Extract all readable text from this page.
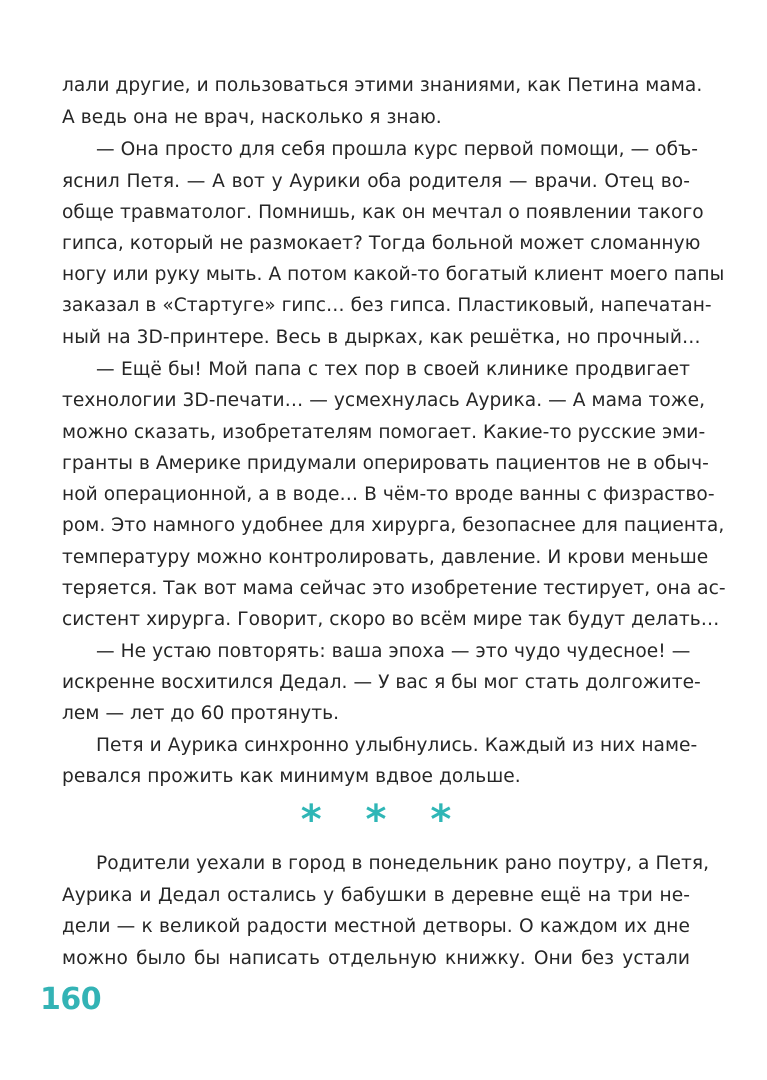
лали другие, и пользоваться этими знаниями, как Петина мама.
А ведь она не врач, насколько я знаю.
— Она просто для себя прошла курс первой помощи, — объ-
яснил Петя. — А вот у Аурики оба родителя — врачи. Отец во-
обще травматолог. Помнишь, как он мечтал о появлении такого
гипса, который не размокает? Тогда больной может сломанную
ногу или руку мыть. А потом какой-то богатый клиент моего папы
заказал в «Стартуге» гипс… без гипса. Пластиковый, напечатан-
ный на 3D-принтере. Весь в дырках, как решётка, но прочный…
— Ещё бы! Мой папа с тех пор в своей клинике продвигает
технологии 3D-печати… — усмехнулась Аурика. — А мама тоже,
можно сказать, изобретателям помогает. Какие-то русские эми-
гранты в Америке придумали оперировать пациентов не в обыч-
ной операционной, а в воде… В чём-то вроде ванны с физраство-
ром. Это намного удобнее для хирурга, безопаснее для пациента,
температуру можно контролировать, давление. И крови меньше
теряется. Так вот мама сейчас это изобретение тестирует, она ас-
систент хирурга. Говорит, скоро во всём мире так будут делать…
— Не устаю повторять: ваша эпоха — это чудо чудесное! —
искренне восхитился Дедал. — У вас я бы мог стать долгожите-
лем — лет до 60 протянуть.
Петя и Аурика синхронно улыбнулись. Каждый из них наме-
ревался прожить как минимум вдвое дольше.
* * *
Родители уехали в город в понедельник рано поутру, а Петя,
Аурика и Дедал остались у бабушки в деревне ещё на три не-
дели — к великой радости местной детворы. О каждом их дне
можно было бы написать отдельную книжку. Они без устали
160
